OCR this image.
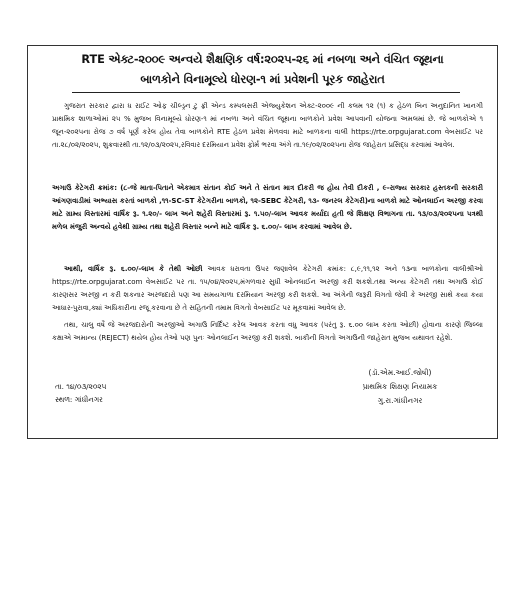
RTE એક્ટ-૨૦૦૯ અન્વયે શૈક્ષણિક વર્ષ:૨૦૨૫-૨૬ માં નબળા અને વંચિત જૂથના
બાળકોને વિનામૂલ્યે ધોરણ-૧ માં પ્રવેશની પૂરક જાહેરાત
ગુજરાત સરકાર દ્વારા ધ રાઈટ ઓફ ચીલ્ડ્રન ટુ ફ્રી એન્ડ કમ્પલસરી એજ્યુકેશન એક્ટ-૨૦૦૯ ની કલમ ૧૨ (૧) ક હેઠળ બિન અનુદાનિત ખાનગી પ્રાથમિક શાળાઓમાં ૨૫ % મુજબ વિનામૂલ્યે ધોરણ-૧ માં નબળા અને વંચિત જૂથના બાળકોને પ્રવેશ આપવાની યોજના અમલમાં છે. જે બાળકોએ ૧ જૂન-૨૦૨૫ના રોજ ૭ વર્ષ પૂર્ણ કરેલ હોય તેવા બાળકોને RTE હેઠળ પ્રવેશ મેળવવા માટે બાળકના વાલી https://rte.orpgujarat.com વેબસાઈટ પર તા.૨૮/૦૨/૨૦૨૫, શુક્રવારથી તા.૧૨/૦૩/૨૦૨૫,રવિવાર દરમિયાન પ્રવેશ ફોર્મ ભરવા અંગે તા.૧૯/૦૨/૨૦૨૫ના રોજ જાહેરાત પ્રસિદ્ધ કરવામાં આવેલ.
અગાઉ કેટેગરી ક્રમાંક: (૮-જે માતા-પિતાને એકમાત્ર સંતાન કોઈ અને તે સંતાન માત્ર દીકરી જ હોય તેવી દીકરી , ૯-રાજ્ય સરકાર હસ્તકની સરકારી આંગણવાડીમાં અભ્યાસ કરતાં બાળકો ,૧૧-SC-ST કેટેગરીના બાળકો, ૧૨-SEBC કેટેગરી, ૧૩- જનરલ કેટેગરી)ના બાળકો માટે ઓનલાઈન અરજી કરવા માટે ગ્રામ્ય વિસ્તારમાં વાર્ષિક રૂ. ૧.૨૦/- લાખ અને શહેરી વિસ્તારમાં રૂ. ૧.૫૦/-લાખ આવક મર્યાદા હતી જે શિક્ષણ વિભાગના તા. ૧૩/૦૩/૨૦૨૫ના પત્રથી મળેલ મંજુરી અન્વયે હવેથી ગ્રામ્ય તથા શહેરી વિસ્તાર બન્ને માટે વાર્ષિક રૂ. ૬.૦૦/- લાખ કરવામાં આવેલ છે.
આથી, વાર્ષિક રૂ. ૬.૦૦/-લાખ કે તેથી ઓછી આવક ધરાવતા ઉપર જણાવેલ કેટેગરી ક્રમાંક: ૮,૯,૧૧,૧૨ અને ૧૩ના બાળકોના વાલીશ્રીઓ https://rte.orpgujarat.com વેબસાઈટ પર તા. ૧૫/૦૪/૨૦૨૫,મંગળવાર સુધી ઓનલાઈન અરજી કરી શકશે.તથા અન્ય કેટેગરી તથા અગાઉ કોઈ કારણસર અરજી ન કરી શકનાર અરજદારો પણ આ સમયગાળા દરમિયાન અરજી કરી શકશે. આ અંગેની જરૂરી વિગતો જેવી કે અરજી સાથે કયા કયા આધાર-પુરાવા,ક્યાં અધિકારીના રજૂ કરવાના છે તે સહિતની તમામ વિગતો વેબસાઈટ પર મૂકવામાં આવેલ છે.
તથા, ચાલુ વર્ષે જે અરજદારોની અરજીઓ અગાઉ નિર્દિષ્ટ કરેલ આવક કરતા વધુ આવક (પરંતુ રૂ. ૬.૦૦ લાખ કરતા ઓછી) હોવાના કારણે જિલ્લા કક્ષાએ અમાન્ય (REJECT) થયેલ હોય તેઓ પણ પુનઃ ઓનલાઈન અરજી કરી શકશે. બાકીની વિગતો અગાઉની જાહેરાત મુજબ યથાવત રહેશે.
તા. ૧૪/૦૩/૨૦૨૫
સ્થળ: ગાંધીનગર
(ડૉ.એમ.આઈ.જોષી)
પ્રાથમિક શિક્ષણ નિયામક
ગુ.રા.ગાંધીનગર
